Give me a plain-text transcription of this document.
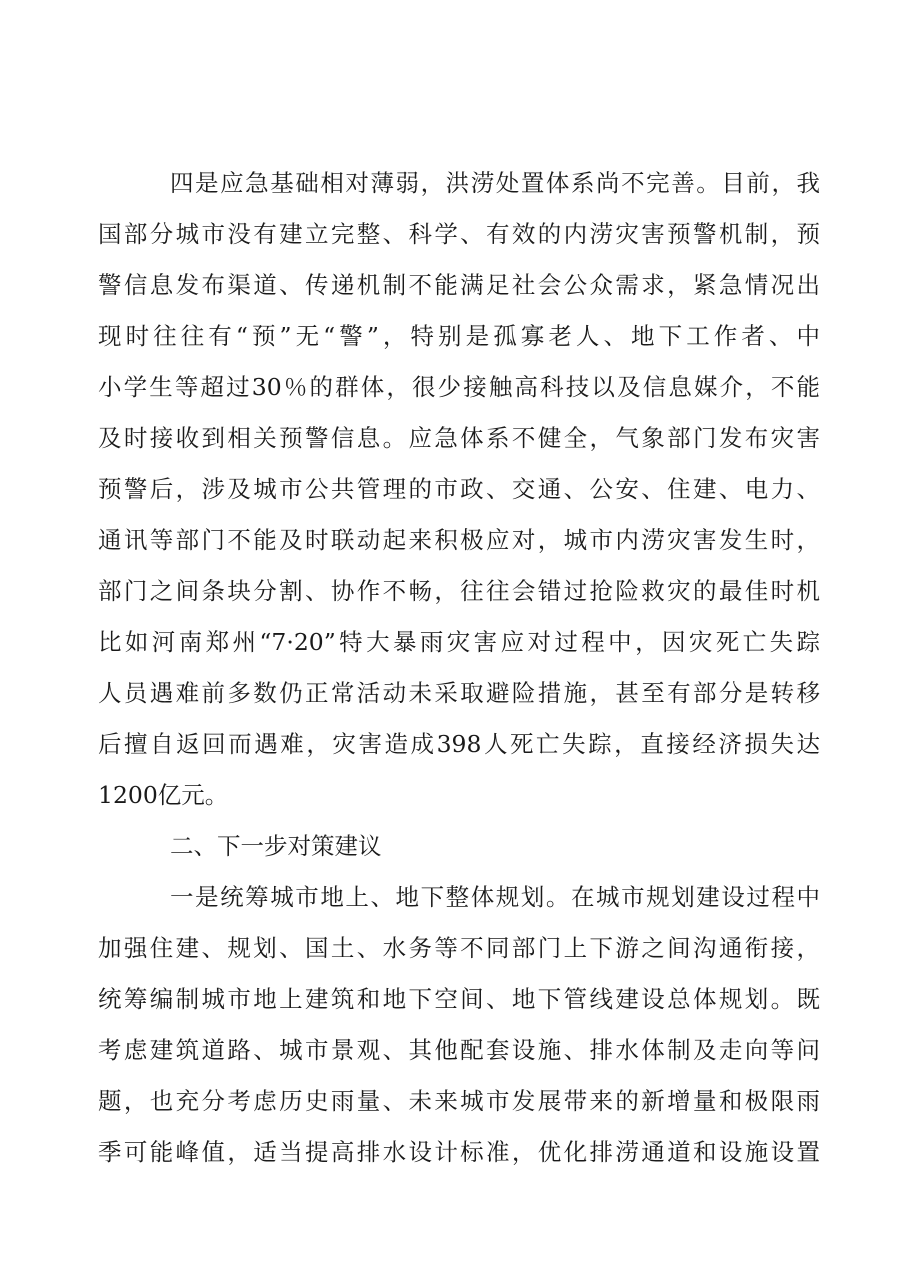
四是应急基础相对薄弱，洪涝处置体系尚不完善。目前，我
国部分城市没有建立完整、科学、有效的内涝灾害预警机制，预
警信息发布渠道、传递机制不能满足社会公众需求，紧急情况出
现时往往有“预”无“警”，特别是孤寡老人、地下工作者、中
小学生等超过30％的群体，很少接触高科技以及信息媒介，不能
及时接收到相关预警信息。应急体系不健全，气象部门发布灾害
预警后，涉及城市公共管理的市政、交通、公安、住建、电力、
通讯等部门不能及时联动起来积极应对，城市内涝灾害发生时，
部门之间条块分割、协作不畅，往往会错过抢险救灾的最佳时机
比如河南郑州“7·20”特大暴雨灾害应对过程中，因灾死亡失踪
人员遇难前多数仍正常活动未采取避险措施，甚至有部分是转移
后擅自返回而遇难，灾害造成398人死亡失踪，直接经济损失达
1200亿元。
二、下一步对策建议
一是统筹城市地上、地下整体规划。在城市规划建设过程中
加强住建、规划、国土、水务等不同部门上下游之间沟通衔接，
统筹编制城市地上建筑和地下空间、地下管线建设总体规划。既
考虑建筑道路、城市景观、其他配套设施、排水体制及走向等问
题，也充分考虑历史雨量、未来城市发展带来的新增量和极限雨
季可能峰值，适当提高排水设计标准，优化排涝通道和设施设置
